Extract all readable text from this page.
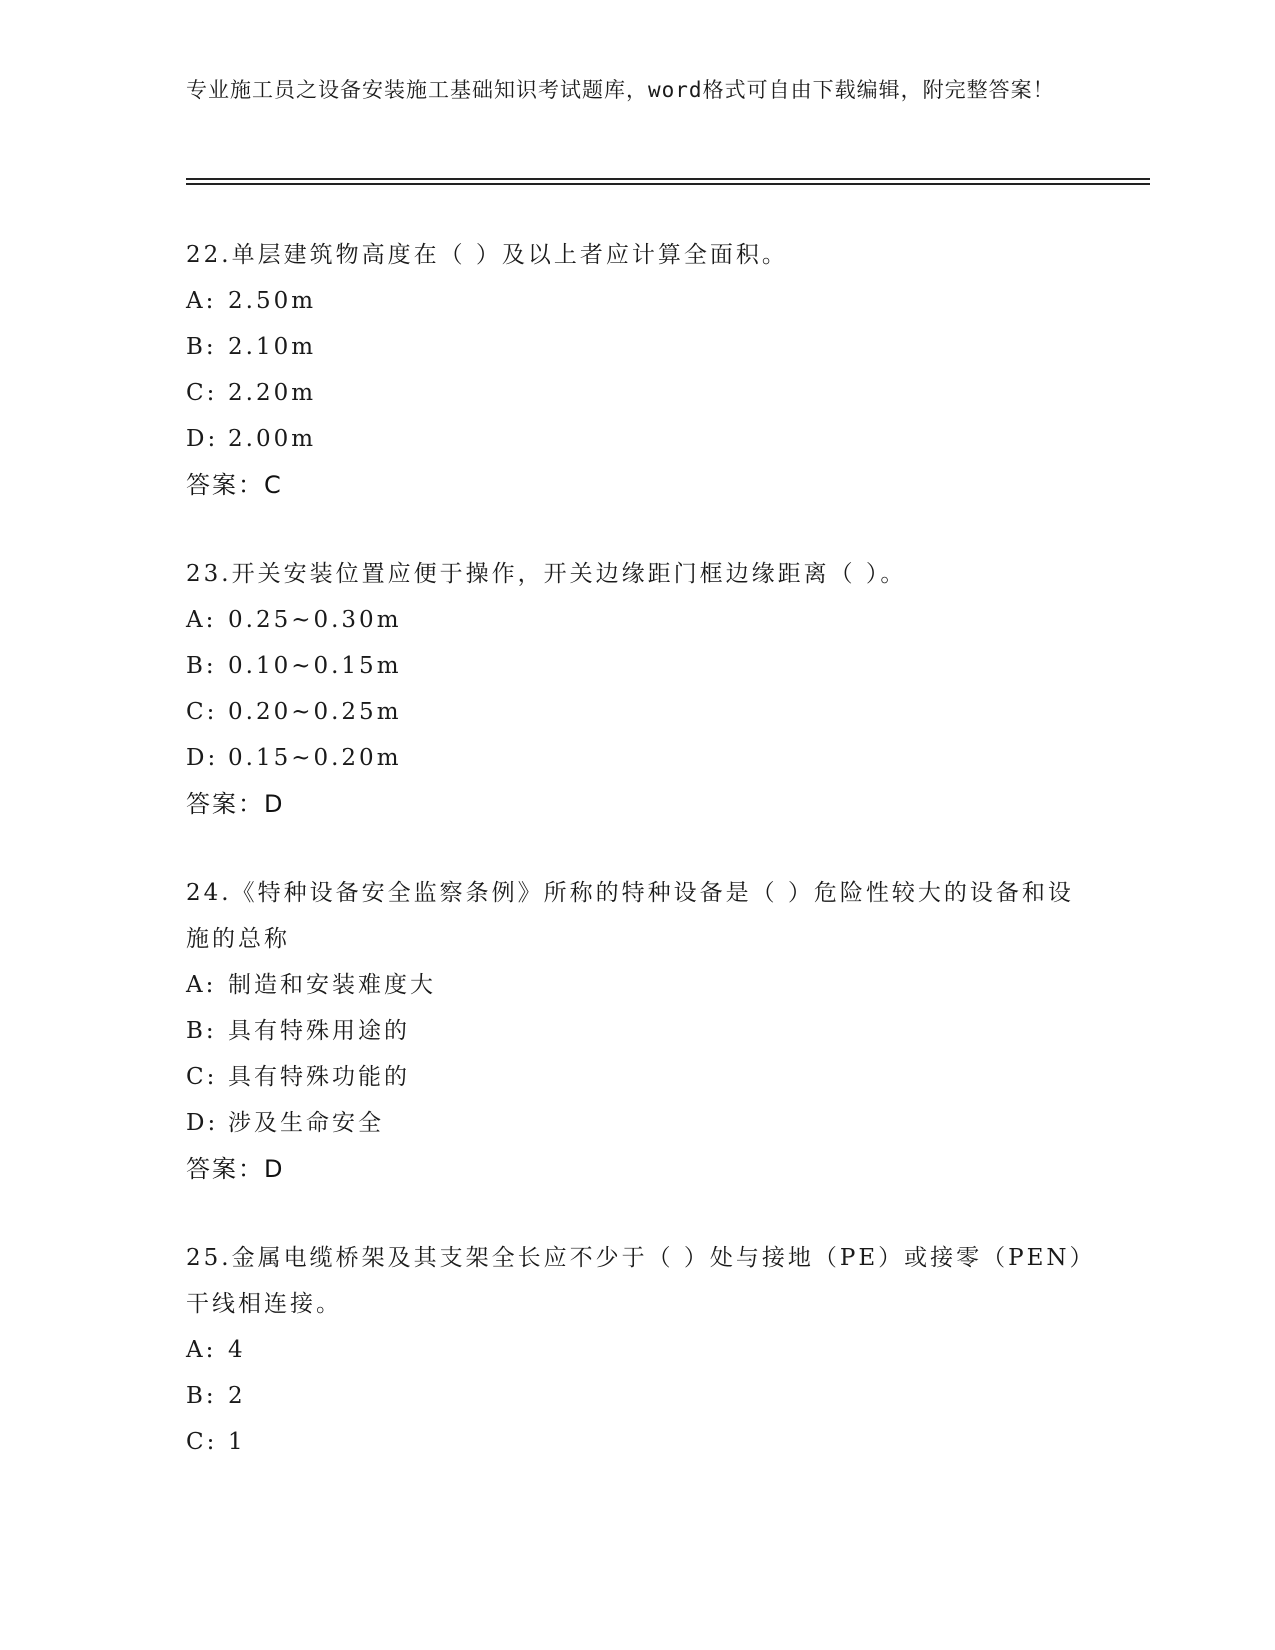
专业施工员之设备安装施工基础知识考试题库，word格式可自由下载编辑，附完整答案！

22.单层建筑物高度在（ ）及以上者应计算全面积。

A: 2.50m

B: 2.10m

C: 2.20m

D: 2.00m

答案：C

23.开关安装位置应便于操作，开关边缘距门框边缘距离（ ）。

A: 0.25~0.30m

B: 0.10~0.15m

C: 0.20~0.25m

D: 0.15~0.20m

答案：D

24.《特种设备安全监察条例》所称的特种设备是（ ）危险性较大的设备和设施的总称

A: 制造和安装难度大

B: 具有特殊用途的

C: 具有特殊功能的

D: 涉及生命安全

答案：D

25.金属电缆桥架及其支架全长应不少于（ ）处与接地（PE）或接零（PEN）干线相连接。

A: 4

B: 2

C: 1
